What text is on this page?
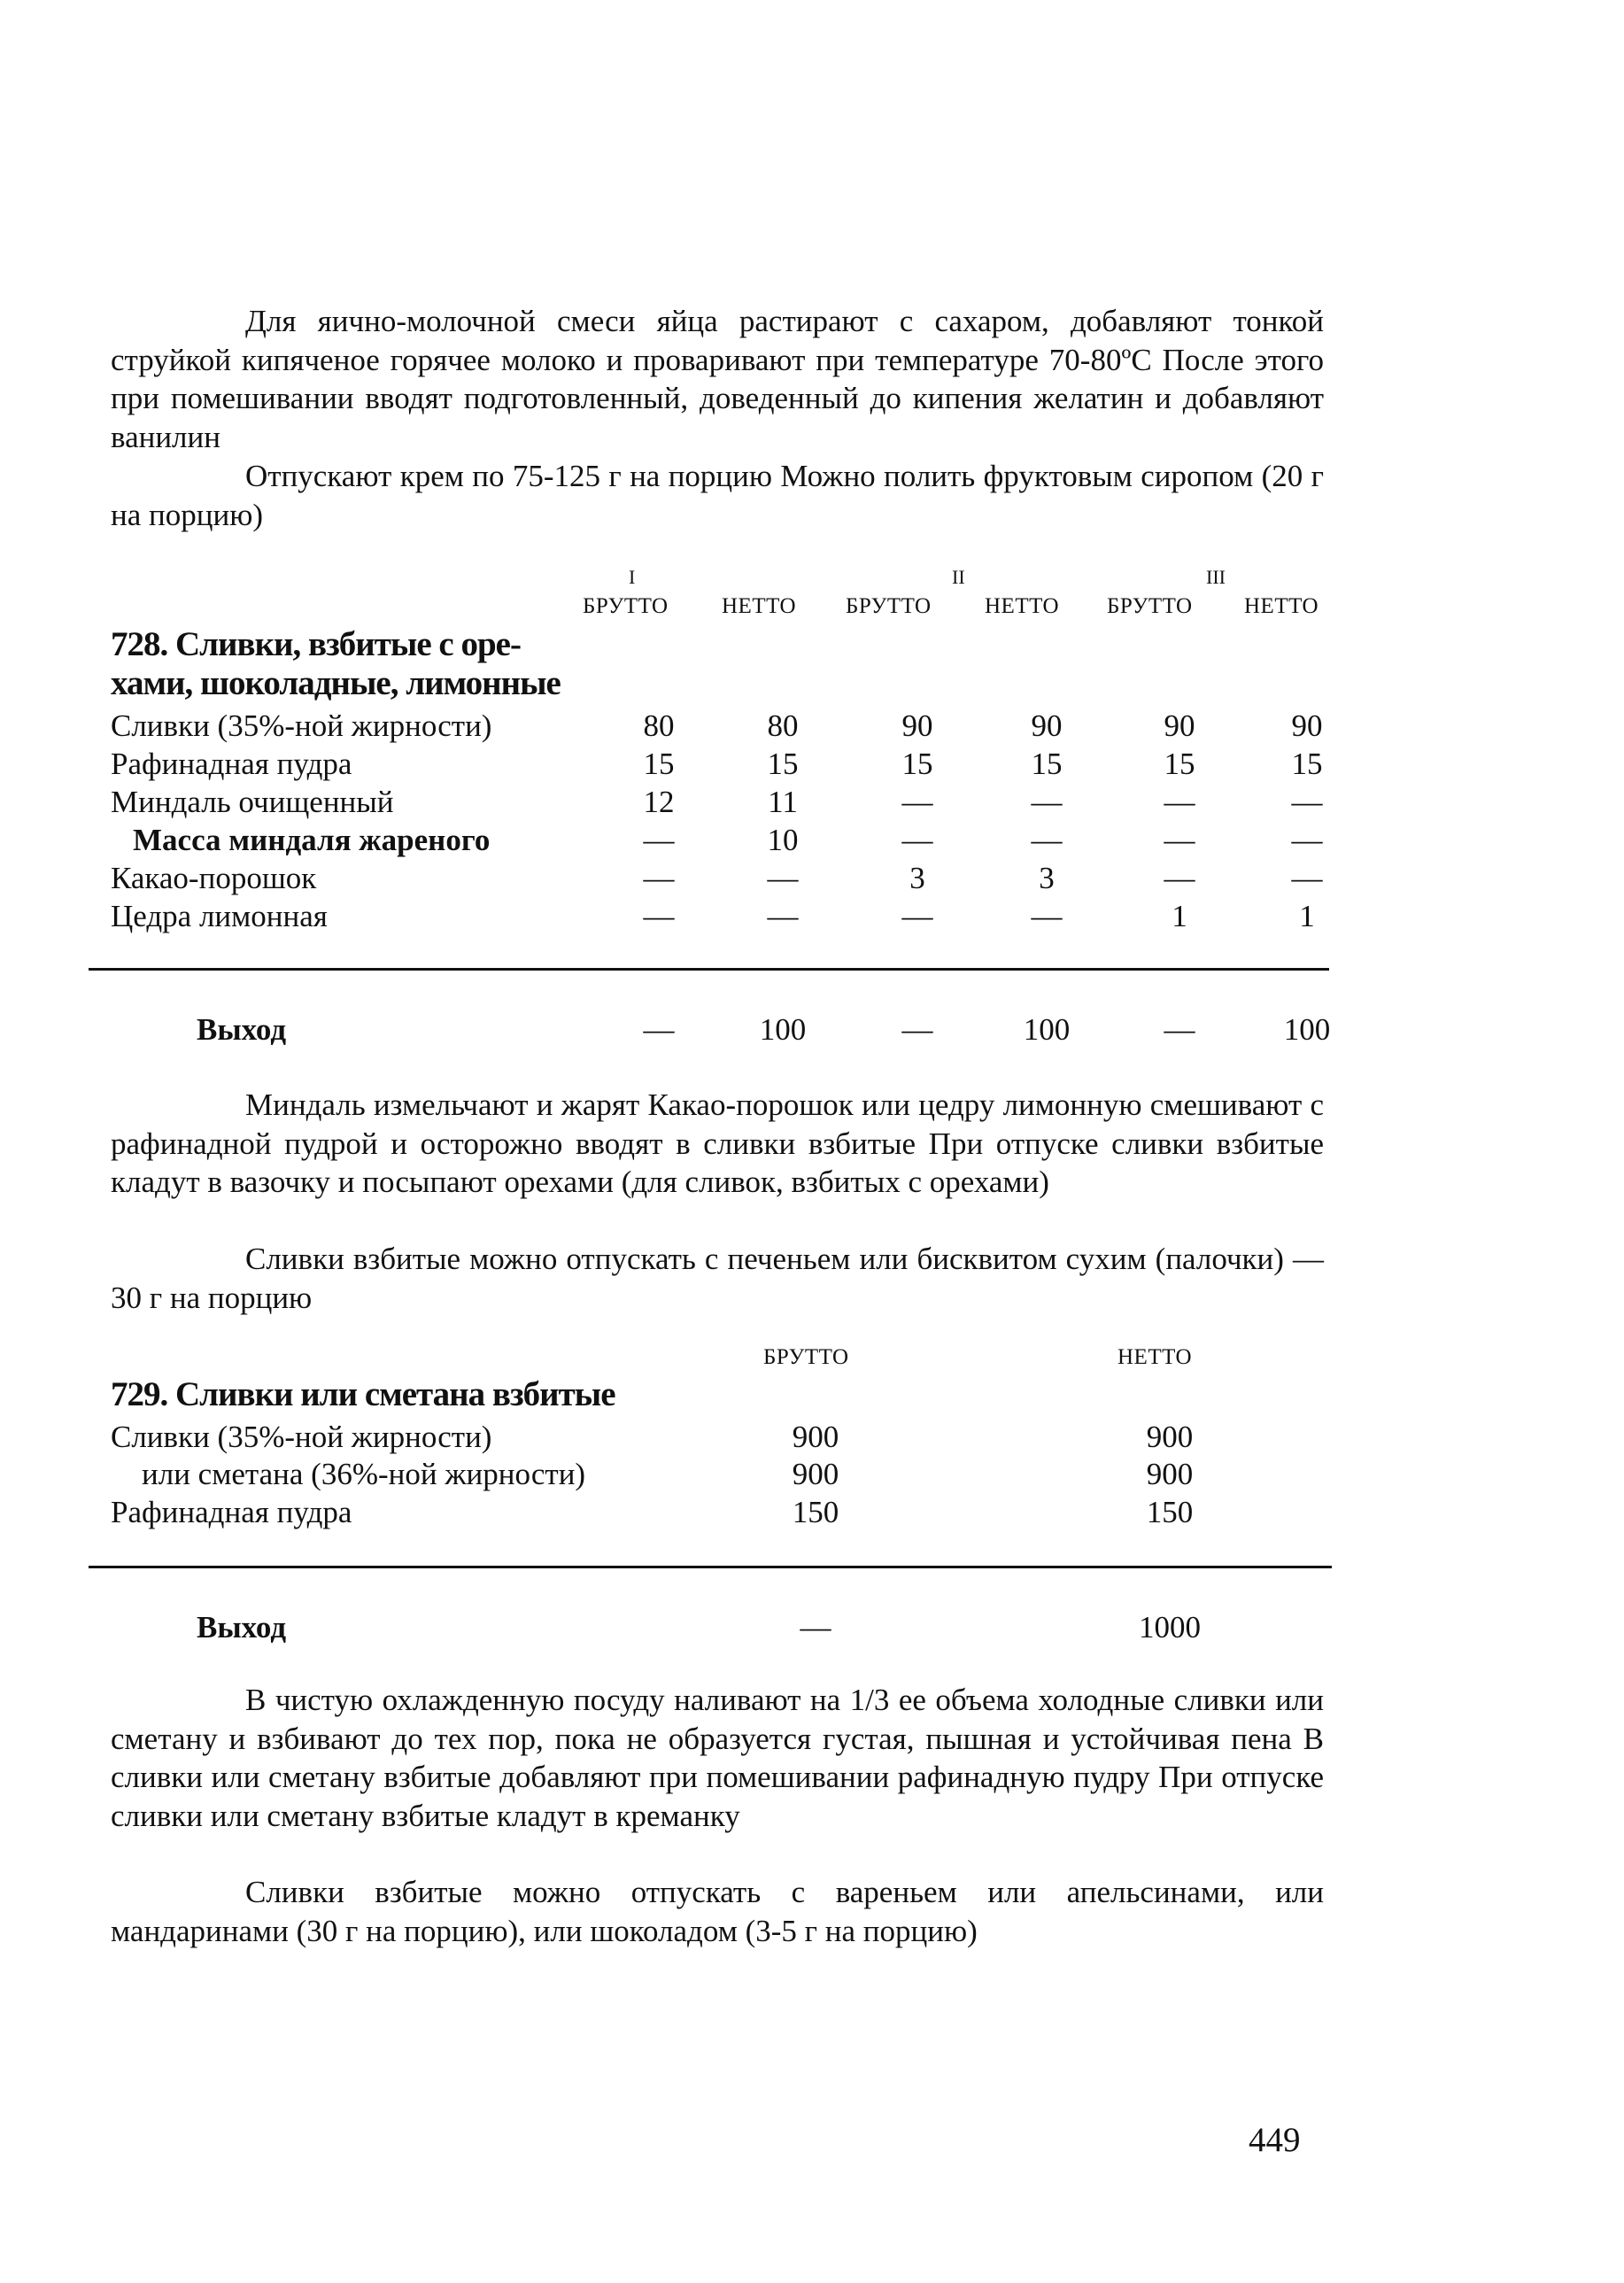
Для яично-молочной смеси яйца растирают с сахаром, добавляют тонкой струйкой кипяченое горячее молоко и проваривают при температуре 70-80ºС После этого при помешивании вводят подготовленный, доведенный до кипения желатин и добавляют ванилин

Отпускают крем по 75-125 г на порцию Можно полить фруктовым сиропом (20 г на порцию)

I	II	III
БРУТТО НЕТТО БРУТТО НЕТТО БРУТТО НЕТТО
728. Сливки, взбитые с оре-
хами, шоколадные, лимонные
Сливки (35%-ной жирности)	80	80	90	90	90	90
Рафинадная пудра	15	15	15	15	15	15
Миндаль очищенный	12	11	—	—	—	—
Масса миндаля жареного	—	10	—	—	—	—
Какао-порошок	—	—	3	3	—	—
Цедра лимонная	—	—	—	—	1	1
Выход	—	100	—	100	—	100

Миндаль измельчают и жарят Какао-порошок или цедру лимонную смешивают с рафинадной пудрой и осторожно вводят в сливки взбитые При отпуске сливки взбитые кладут в вазочку и посыпают орехами (для сливок, взбитых с орехами)

Сливки взбитые можно отпускать с печеньем или бисквитом сухим (палочки) — 30 г на порцию

БРУТТО	НЕТТО
729. Сливки или сметана взбитые
Сливки (35%-ной жирности)	900	900
или сметана (36%-ной жирности)	900	900
Рафинадная пудра	150	150
Выход	—	1000

В чистую охлажденную посуду наливают на 1/3 ее объема холодные сливки или сметану и взбивают до тех пор, пока не образуется густая, пышная и устойчивая пена В сливки или сметану взбитые добавляют при помешивании рафинадную пудру При отпуске сливки или сметану взбитые кладут в креманку

Сливки взбитые можно отпускать с вареньем или апельсинами, или мандаринами (30 г на порцию), или шоколадом (3-5 г на порцию)

449
